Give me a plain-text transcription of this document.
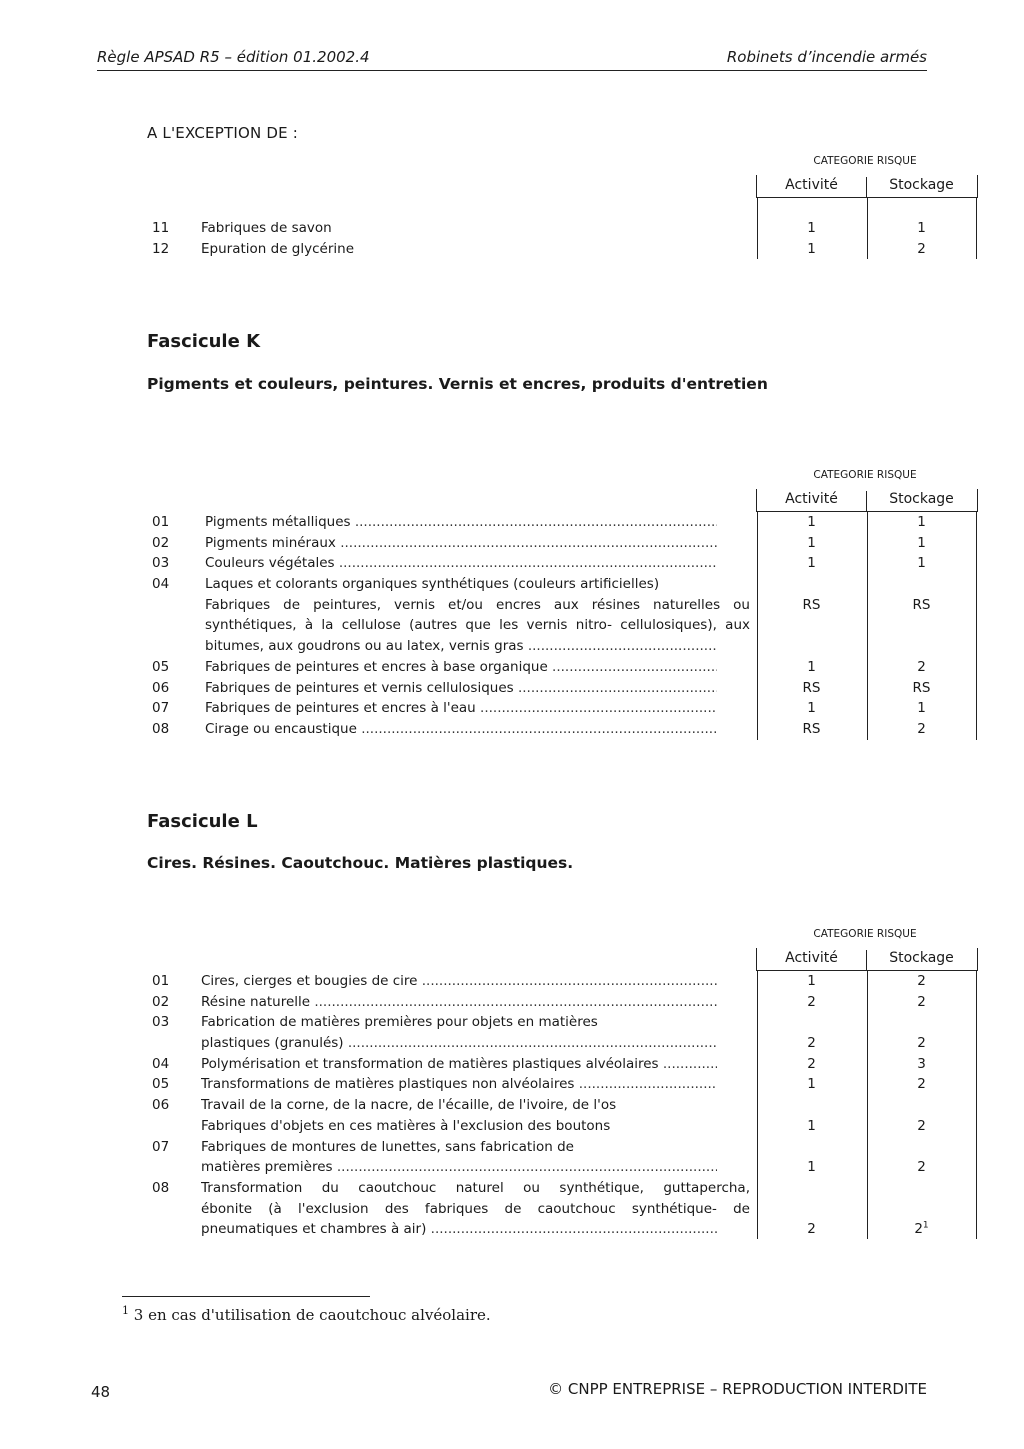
Règle APSAD R5 – édition 01.2002.4	Robinets d’incendie armés
A L'EXCEPTION DE :
CATEGORIE RISQUE
Activité	Stockage
11 Fabriques de savon	1	1
12 Epuration de glycérine	1	2
Fascicule K
Pigments et couleurs, peintures. Vernis et encres, produits d'entretien
CATEGORIE RISQUE
Activité	Stockage
01	Pigments métalliques .....	1	1
02	Pigments minéraux .....	1	1
03	Couleurs végétales .....	1	1
04	Laques et colorants organiques synthétiques (couleurs artificielles)
Fabriques de peintures, vernis et/ou encres aux résines naturelles ou	RS	RS
synthétiques, à la cellulose (autres que les vernis nitro- cellulosiques), aux
bitumes, aux goudrons ou au latex, vernis gras .....
05	Fabriques de peintures et encres à base organique .....	1	2
06	Fabriques de peintures et vernis cellulosiques .....	RS	RS
07	Fabriques de peintures et encres à l'eau .....	1	1
08	Cirage ou encaustique .....	RS	2
Fascicule L
Cires. Résines. Caoutchouc. Matières plastiques.
CATEGORIE RISQUE
Activité	Stockage
01 Cires, cierges et bougies de cire .....	1	2
02 Résine naturelle .....	2	2
03 Fabrication de matières premières pour objets en matières
plastiques (granulés) .....	2	2
04 Polymérisation et transformation de matières plastiques alvéolaires .....	2	3
05 Transformations de matières plastiques non alvéolaires .....	1	2
06 Travail de la corne, de la nacre, de l'écaille, de l'ivoire, de l'os
Fabriques d'objets en ces matières à l'exclusion des boutons	1	2
07 Fabriques de montures de lunettes, sans fabrication de
matières premières .....	1	2
08 Transformation du caoutchouc naturel ou synthétique, guttapercha,
ébonite (à l'exclusion des fabriques de caoutchouc synthétique- de
pneumatiques et chambres à air) .....	2	$2^1$
$^1$ 3 en cas d'utilisation de caoutchouc alvéolaire.
48	© CNPP ENTREPRISE – REPRODUCTION INTERDITE
